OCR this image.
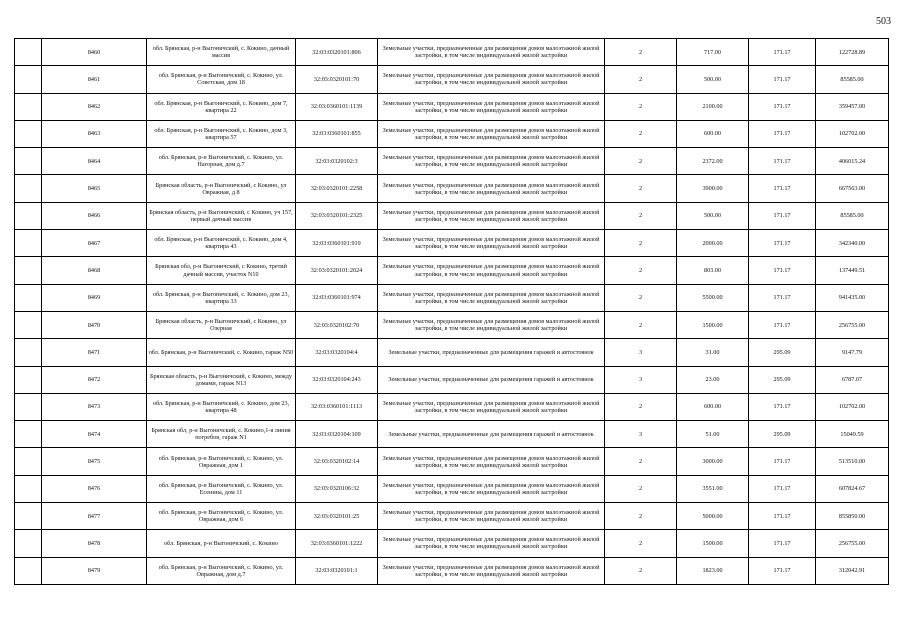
503
	8460	обл. Брянская, р-н Выгоничский, с. Кокино, дачный массив	32:03:0320101:806	Земельные участки, предназначенные для размещения домов малоэтажной жилой застройки, в том числе индивидуальной жилой застройки	2	717.00	171.17	122728.89
	8461	обл. Брянская, р-н Выгоничский, с. Кокино, ул. Советская, дом 18	32:03:0320101:70	Земельные участки, предназначенные для размещения домов малоэтажной жилой застройки, в том числе индивидуальной жилой застройки	2	500.00	171.17	85585.00
	8462	обл. Брянская, р-н Выгоничский, с. Кокино, дом 7, квартира 22	32:03:0360101:1139	Земельные участки, предназначенные для размещения домов малоэтажной жилой застройки, в том числе индивидуальной жилой застройки	2	2100.00	171.17	359457.00
	8463	обл. Брянская, р-н Выгоничский, с. Кокино, дом 3, квартира 57	32:03:0360101:855	Земельные участки, предназначенные для размещения домов малоэтажной жилой застройки, в том числе индивидуальной жилой застройки	2	600.00	171.17	102702.00
	8464	обл. Брянская, р-н Выгоничский, с. Кокино, ул. Нагорная, дом д.7	32:03:0320102:3	Земельные участки, предназначенные для размещения домов малоэтажной жилой застройки, в том числе индивидуальной жилой застройки	2	2372.00	171.17	406015.24
	8465	Брянская область, р-н Выгоничский, с Кокино, ул Овражная, д 8	32:03:0320101:2258	Земельные участки, предназначенные для размещения домов малоэтажной жилой застройки, в том числе индивидуальной жилой застройки	2	3900.00	171.17	667563.00
	8466	Брянская область, р-н Выгоничский, с Кокино, уч 157, первый дачный массив	32:03:0320101:2325	Земельные участки, предназначенные для размещения домов малоэтажной жилой застройки, в том числе индивидуальной жилой застройки	2	500.00	171.17	85585.00
	8467	обл. Брянская, р-н Выгоничский, с. Кокино, дом 4, квартира 43	32:03:0360101:919	Земельные участки, предназначенные для размещения домов малоэтажной жилой застройки, в том числе индивидуальной жилой застройки	2	2000.00	171.17	342340.00
	8468	Брянская обл, р-н Выгоничский, с Кокино, третий дачный массив, участок N10	32:03:0320101:2024	Земельные участки, предназначенные для размещения домов малоэтажной жилой застройки, в том числе индивидуальной жилой застройки	2	803.00	171.17	137449.51
	8469	обл. Брянская, р-н Выгоничский, с. Кокино, дом 23, квартира 33	32:03:0360101:974	Земельные участки, предназначенные для размещения домов малоэтажной жилой застройки, в том числе индивидуальной жилой застройки	2	5500.00	171.17	941435.00
	8470	Брянская область, р-н Выгоничский, с Кокино, ул Озерная	32:03:0320102:70	Земельные участки, предназначенные для размещения домов малоэтажной жилой застройки, в том числе индивидуальной жилой застройки	2	1500.00	171.17	256755.00
	8471	обл. Брянская, р-н Выгоничский, с. Кокино, гараж N50	32:03:0320104:4	Земельные участки, предназначенные для размещения гаражей и автостоянок	3	31.00	295.09	9147.79
	8472	Брянская область, р-н Выгоничский, с Кокино, между домами, гараж N13	32:03:0320104:243	Земельные участки, предназначенные для размещения гаражей и автостоянок	3	23.00	295.09	6787.07
	8473	обл. Брянская, р-н Выгоничский, с. Кокино, дом 23, квартира 48	32:03:0360101:1113	Земельные участки, предназначенные для размещения домов малоэтажной жилой застройки, в том числе индивидуальной жилой застройки	2	600.00	171.17	102702.00
	8474	Брянская обл, р-н Выгоничский, с. Кокино,1-я линия погребов, гараж N1	32:03:0320104:109	Земельные участки, предназначенные для размещения гаражей и автостоянок	3	51.00	295.09	15049.59
	8475	обл. Брянская, р-н Выгоничский, с. Кокино, ул. Овражная, дом 1	32:03:0320102:14	Земельные участки, предназначенные для размещения домов малоэтажной жилой застройки, в том числе индивидуальной жилой застройки	2	3000.00	171.17	513510.00
	8476	обл. Брянская, р-н Выгоничский, с. Кокино, ул. Есенина, дом 11	32:03:0320106:32	Земельные участки, предназначенные для размещения домов малоэтажной жилой застройки, в том числе индивидуальной жилой застройки	2	3551.00	171.17	607824.67
	8477	обл. Брянская, р-н Выгоничский, с. Кокино, ул. Овражная, дом 6	32:03:0320101:25	Земельные участки, предназначенные для размещения домов малоэтажной жилой застройки, в том числе индивидуальной жилой застройки	2	5000.00	171.17	855850.00
	8478	обл. Брянская, р-н Выгоничский, с. Кокино	32:03:0360101:1222	Земельные участки, предназначенные для размещения домов малоэтажной жилой застройки, в том числе индивидуальной жилой застройки	2	1500.00	171.17	256755.00
	8479	обл. Брянская, р-н Выгоничский, с. Кокино, ул. Овражная, дом д.7	32:03:0320101:1	Земельные участки, предназначенные для размещения домов малоэтажной жилой застройки, в том числе индивидуальной жилой застройки	2	1823.00	171.17	312042.91
